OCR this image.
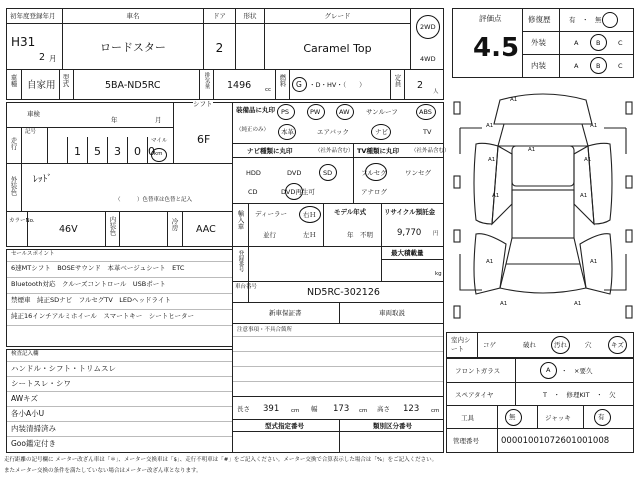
初年度登録年月
H31
2 月
車名
ロードスター
ドア
2
形状	グレード
Caramel Top
2WD
4WD
評価点
4.5
修復歴	有　・　無
外装	A	B	C
内装	A	B	C
車種 自家用 型式	5BA-ND5RC	排気量 1496	cc
燃料 G ・D・HV・（　　）	定員 2
人
車検
年	月
走行
記号
1 5 3 0 0
マイル
km
シフト
6F
外装色 ﾚｯﾄﾞ
（　　　）色替車は色替と記入
カラーNo.
46V	内装色	冷房 AAC
セールスポイント
6速MTシフト　BOSEサウンド　本革ベージュシート　ETC
Bluetooth対応　クルーズコントロール　USBポート
禁煙車　純正SDナビ　フルセグTV　LEDヘッドライト
純正16インチアルミホイール　スマートキー　シートヒーター
検査記入欄
ハンドル・シフト・トリムスレ
シートスレ・シワ
AWキズ
各小A小U
内装清掃済み
Goo鑑定付き
装備品に丸印
（純正のみ）
PS	PW	AW	サンルーフ	ABS
本革	エアバック	ナビ	TV
ナビ種類に丸印	（社外品含む）
HDD	DVD	SD
CD	DVD再生可
TV種類に丸印 （社外品含む）
フルセグ	ワンセグ
アナログ
輸入車 ディーラー 右Ｈ
並行	左Ｈ
モデル年式
年　不明
リサイクル預託金
9,770 円
登録番号	最大積載量
kg
車台番号	ND5RC-302126
新車保証書	車両取説
注意事項・不具合箇所
長さ 391 cm 幅 173 cm 高さ 123 cm
型式指定番号	類別区分番号
A1
A1	A1
A1
A1	A1
A1	A1
A1	A1
A1	A1
室内シート	コゲ	破れ	汚れ	穴	キズ
フロントガラス	A ・　×要久
スペアタイヤ	T　・　修理KIT　・　欠
工具	無	ジャッキ	有
管理番号	0000100107260100100​8
走行距離の記号欄に メーター改ざん車は「＊」、メーター交換車は「$」、走行不明車は「#」をご記入ください。メーター交換で合算表示した場合は「%」をご記入ください。
またメーター交換の条件を満たしていない場合はメーター改ざん車となります。
